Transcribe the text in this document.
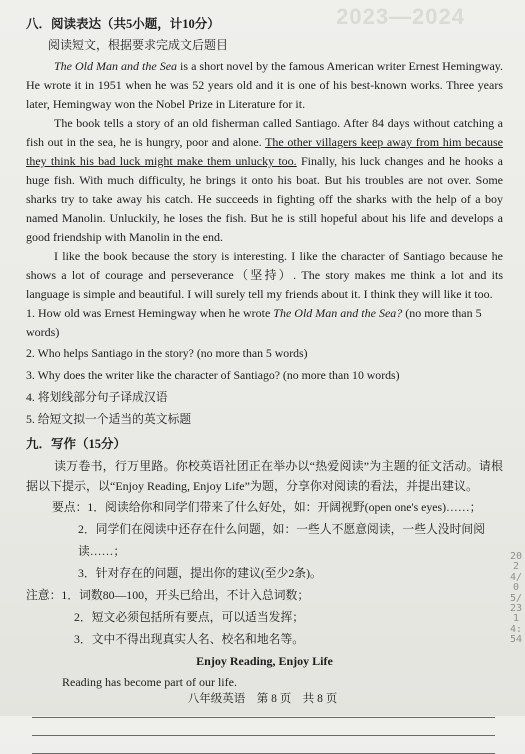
2023—2024
八．阅读表达（共5小题，计10分）
阅读短文，根据要求完成文后题目

The Old Man and the Sea is a short novel by the famous American writer Ernest Hemingway. He wrote it in 1951 when he was 52 years old and it is one of his best-known works. Three years later, Hemingway won the Nobel Prize in Literature for it.

The book tells a story of an old fisherman called Santiago. After 84 days without catching a fish out in the sea, he is hungry, poor and alone. The other villagers keep away from him because they think his bad luck might make them unlucky too. Finally, his luck changes and he hooks a huge fish. With much difficulty, he brings it onto his boat. But his troubles are not over. Some sharks try to take away his catch. He succeeds in fighting off the sharks with the help of a boy named Manolin. Unluckily, he loses the fish. But he is still hopeful about his life and develops a good friendship with Manolin in the end.

I like the book because the story is interesting. I like the character of Santiago because he shows a lot of courage and perseverance（坚持）. The story makes me think a lot and its language is simple and beautiful. I will surely tell my friends about it. I think they will like it too.

1. How old was Ernest Hemingway when he wrote The Old Man and the Sea? (no more than 5 words)

2. Who helps Santiago in the story? (no more than 5 words)

3. Why does the writer like the character of Santiago? (no more than 10 words)

4. 将划线部分句子译成汉语

5. 给短文拟一个适当的英文标题

九．写作（15分）

读万卷书，行万里路。你校英语社团正在举办以“热爱阅读”为主题的征文活动。请根据以下提示，以“Enjoy Reading, Enjoy Life”为题，分享你对阅读的看法，并提出建议。

要点：1．阅读给你和同学们带来了什么好处，如：开阔视野(open one's eyes)……；

2．同学们在阅读中还存在什么问题，如：一些人不愿意阅读，一些人没时间阅读……；

3．针对存在的问题，提出你的建议(至少2条)。

注意：1．词数80—100，开头已给出，不计入总词数；

2．短文必须包括所有要点，可以适当发挥；

3．文中不得出现真实人名、校名和地名等。

Enjoy Reading, Enjoy Life
Reading has become part of our life.
八年级英语　第 8 页　共 8 页
2024/05/23 14:54
